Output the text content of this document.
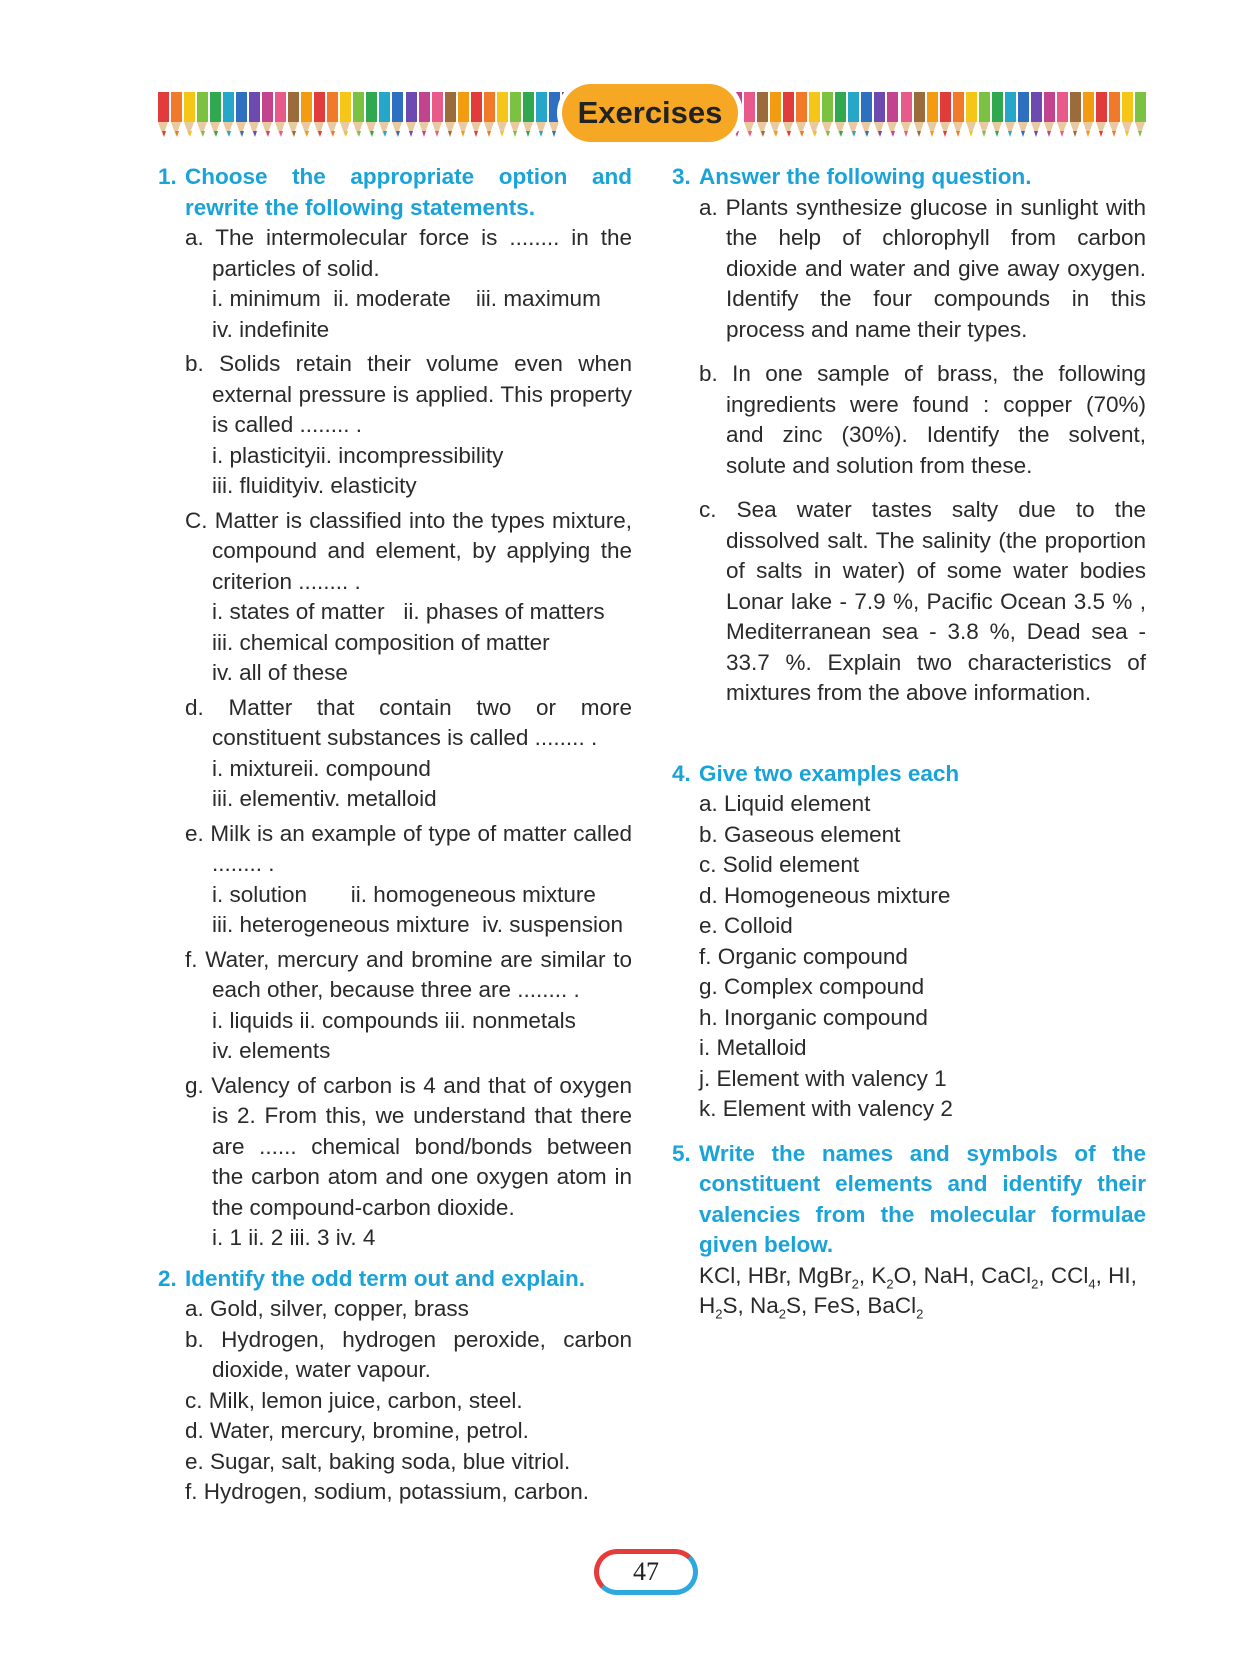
Exercises
1. Choose the appropriate option and rewrite the following statements.
a. The intermolecular force is ........ in the particles of solid.
i. minimum  ii. moderate    iii. maximum
iv. indefinite
b. Solids retain their volume even when external pressure is applied. This property is called ........ .
i. plasticityii. incompressibility
iii. fluidityiv. elasticity
C. Matter is classified into the types mixture, compound and element, by applying the criterion ........ .
i. states of matter   ii. phases of matters
iii. chemical composition of matter
iv. all of these
d. Matter that contain two or more constituent substances is called ........ .
i. mixtureii. compound
iii. elementiv. metalloid
e. Milk is an example of type of matter called ........ .
i. solution       ii. homogeneous mixture
iii. heterogeneous mixture  iv. suspension
f. Water, mercury and bromine are similar to each other, because three are ........ .
i. liquids ii. compounds iii. nonmetals
iv. elements
g. Valency of carbon is 4 and that of oxygen is 2. From this, we understand that there are ...... chemical bond/bonds between the carbon atom and one oxygen atom in the compound-carbon dioxide.
i. 1 ii. 2 iii. 3 iv. 4
2. Identify the odd term out and explain.
a. Gold, silver, copper, brass
b. Hydrogen, hydrogen peroxide, carbon dioxide, water vapour.
c. Milk, lemon juice, carbon, steel.
d. Water, mercury, bromine, petrol.
e. Sugar, salt, baking soda, blue vitriol.
f. Hydrogen, sodium, potassium, carbon.
3. Answer the following question.
a. Plants synthesize glucose in sunlight with the help of chlorophyll from carbon dioxide and water and give away oxygen. Identify the four compounds in this process and name their types.
b. In one sample of brass, the following ingredients were found : copper (70%) and zinc (30%). Identify the solvent, solute and solution from these.
c. Sea water tastes salty due to the dissolved salt. The salinity (the proportion of salts in water) of some water bodies Lonar lake - 7.9 %, Pacific Ocean 3.5 % , Mediterranean sea - 3.8 %, Dead sea - 33.7 %. Explain two characteristics of mixtures from the above information.
4. Give two examples each
a. Liquid element
b. Gaseous element
c. Solid element
d. Homogeneous mixture
e. Colloid
f. Organic compound
g. Complex compound
h. Inorganic compound
i. Metalloid
j. Element with valency 1
k. Element with valency 2
5. Write the names and symbols of the constituent elements and identify their valencies from the molecular formulae given below.
KCl, HBr, MgBr$_2$, $K_2O$, NaH, CaCl$_2$, CCl$_4$, HI, $H_2S$, $Na_2S$, FeS, BaCl$_2$
47
